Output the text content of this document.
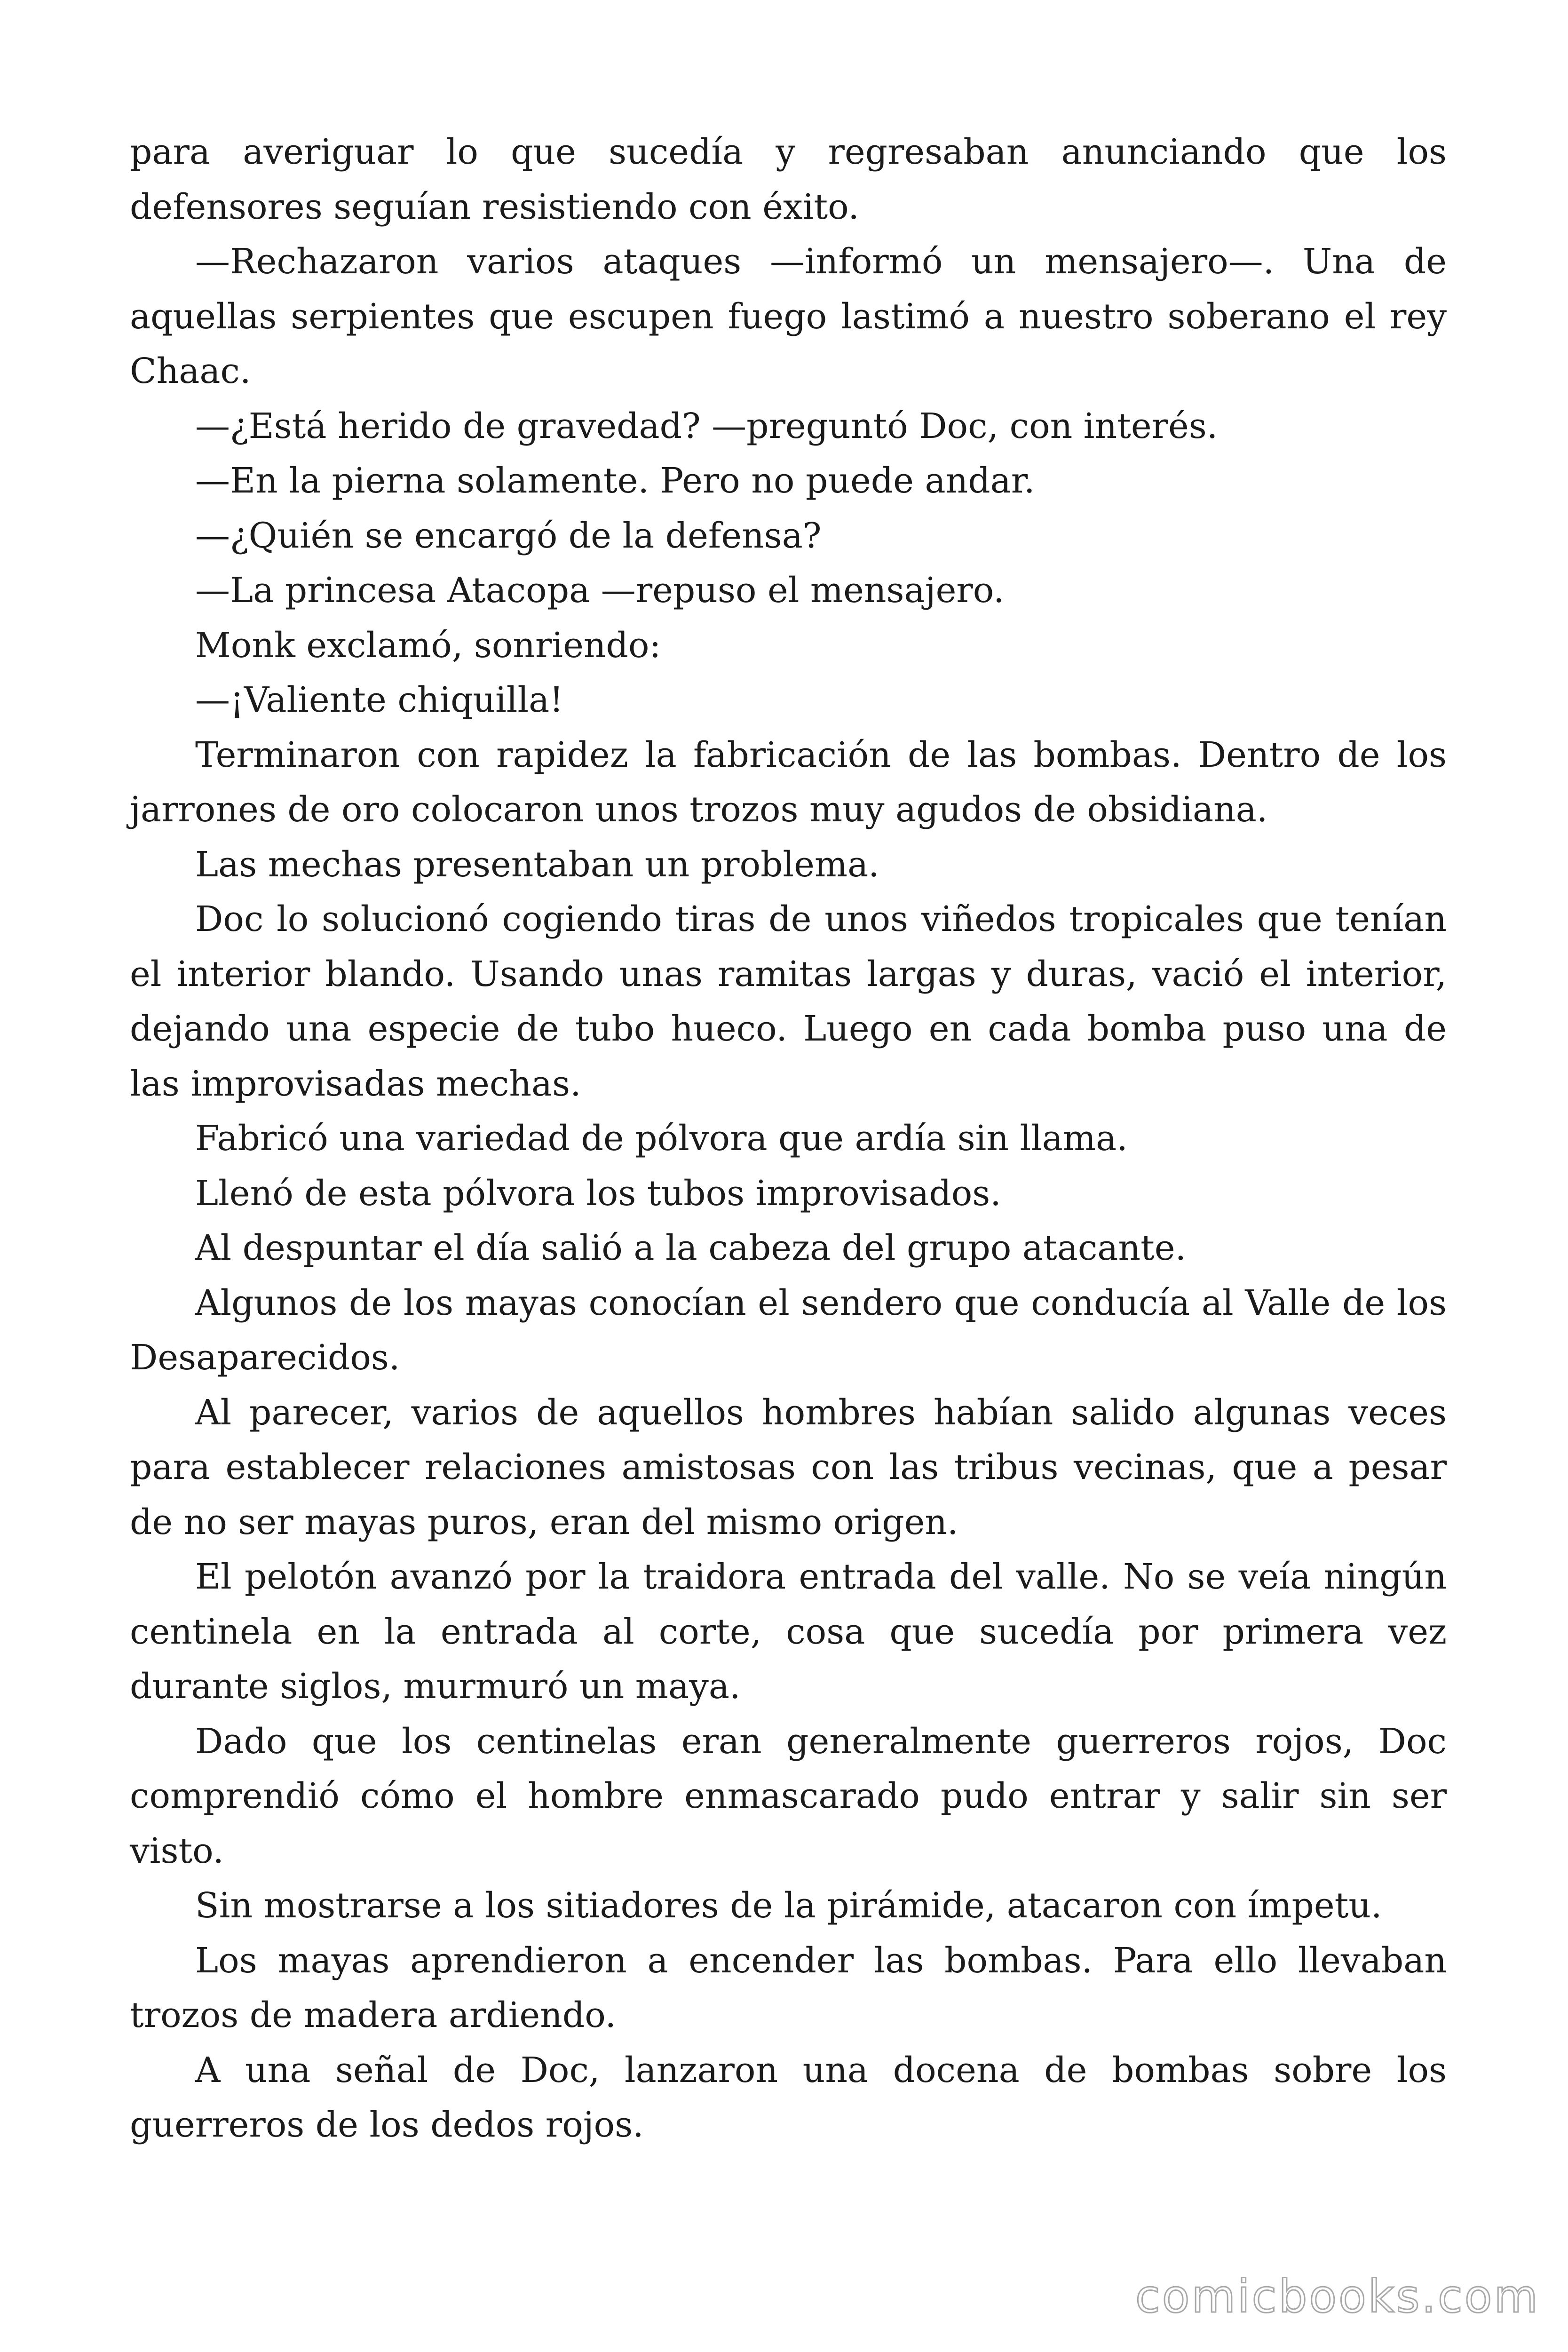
para averiguar lo que sucedía y regresaban anunciando que los defensores seguían resistiendo con éxito.

—Rechazaron varios ataques —informó un mensajero—. Una de aquellas serpientes que escupen fuego lastimó a nuestro soberano el rey Chaac.

—¿Está herido de gravedad? —preguntó Doc, con interés.

—En la pierna solamente. Pero no puede andar.

—¿Quién se encargó de la defensa?

—La princesa Atacopa —repuso el mensajero.

Monk exclamó, sonriendo:

—¡Valiente chiquilla!

Terminaron con rapidez la fabricación de las bombas. Dentro de los jarrones de oro colocaron unos trozos muy agudos de obsidiana.

Las mechas presentaban un problema.

Doc lo solucionó cogiendo tiras de unos viñedos tropicales que tenían el interior blando. Usando unas ramitas largas y duras, vació el interior, dejando una especie de tubo hueco. Luego en cada bomba puso una de las improvisadas mechas.

Fabricó una variedad de pólvora que ardía sin llama.

Llenó de esta pólvora los tubos improvisados.

Al despuntar el día salió a la cabeza del grupo atacante.

Algunos de los mayas conocían el sendero que conducía al Valle de los Desaparecidos.

Al parecer, varios de aquellos hombres habían salido algunas veces para establecer relaciones amistosas con las tribus vecinas, que a pesar de no ser mayas puros, eran del mismo origen.

El pelotón avanzó por la traidora entrada del valle. No se veía ningún centinela en la entrada al corte, cosa que sucedía por primera vez durante siglos, murmuró un maya.

Dado que los centinelas eran generalmente guerreros rojos, Doc comprendió cómo el hombre enmascarado pudo entrar y salir sin ser visto.

Sin mostrarse a los sitiadores de la pirámide, atacaron con ímpetu.

Los mayas aprendieron a encender las bombas. Para ello llevaban trozos de madera ardiendo.

A una señal de Doc, lanzaron una docena de bombas sobre los guerreros de los dedos rojos.

comicbooks.com
